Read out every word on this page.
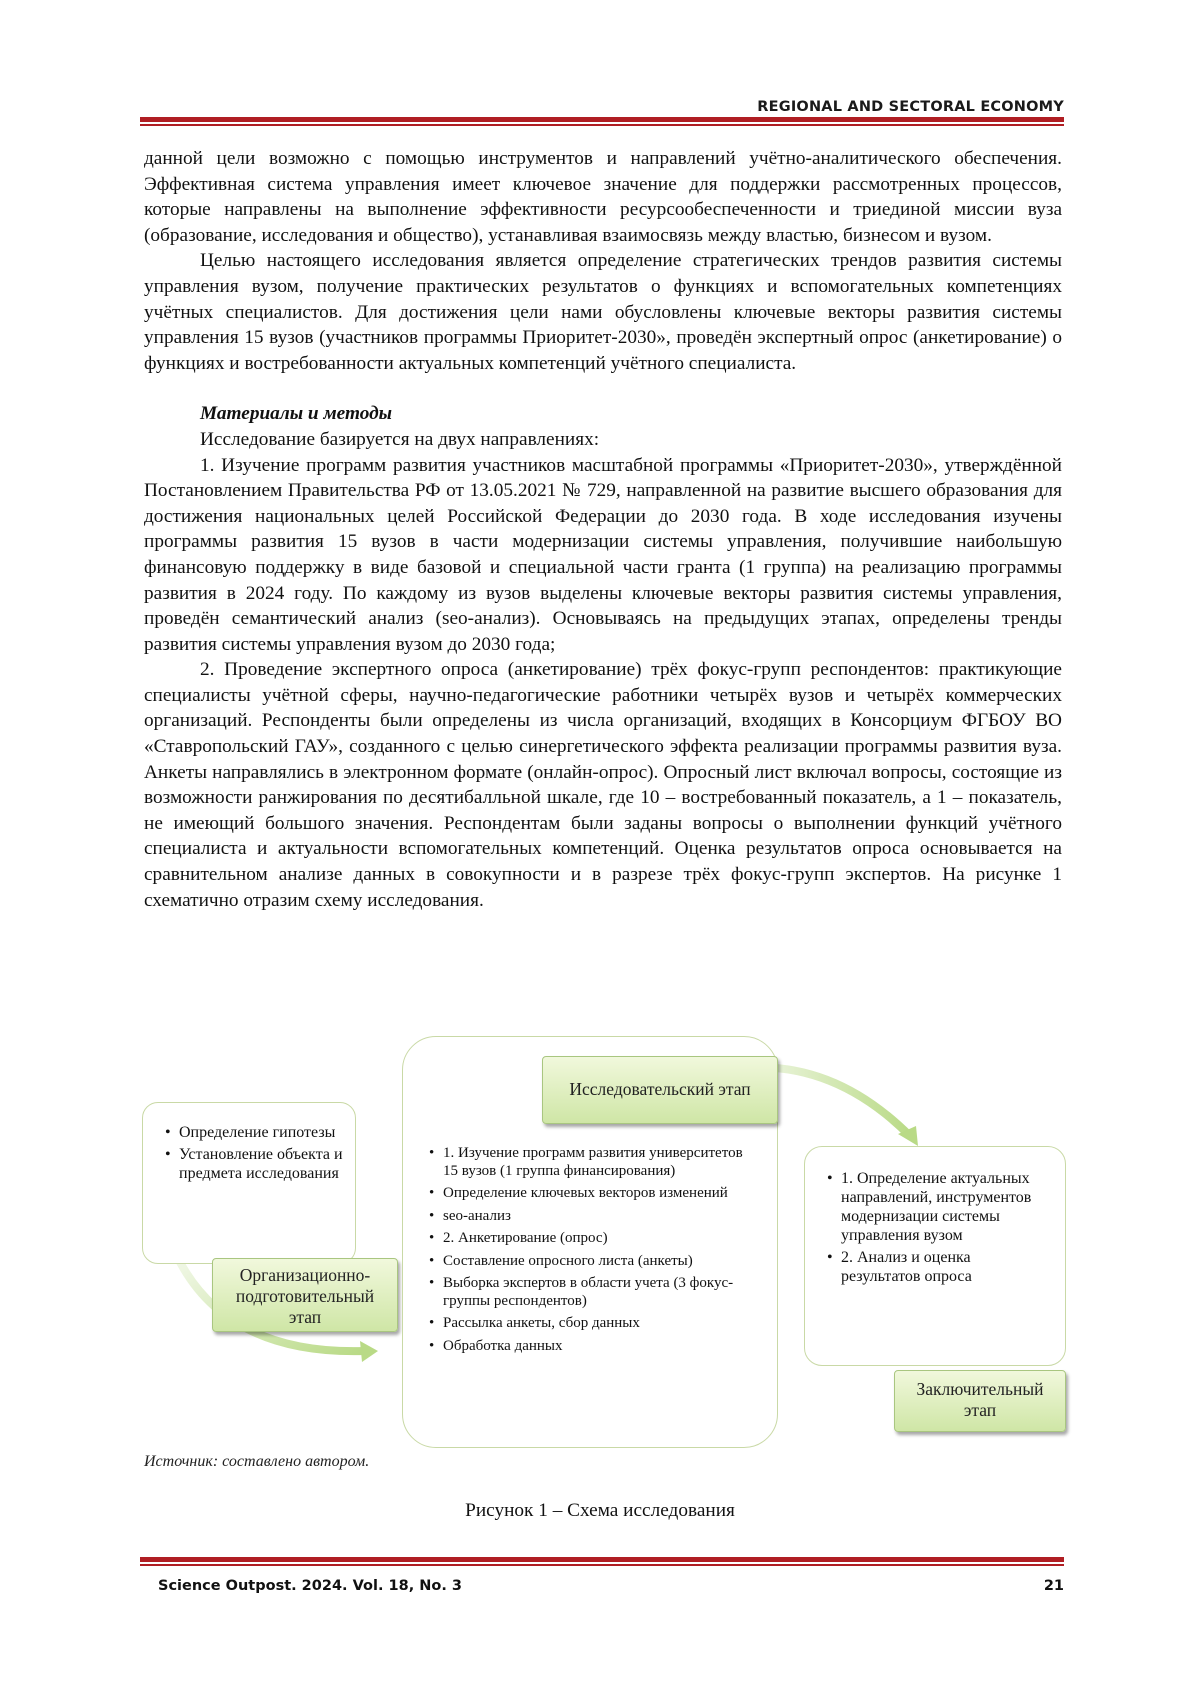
REGIONAL AND SECTORAL ECONOMY

данной цели возможно с помощью инструментов и направлений учётно-аналитического обеспечения. Эффективная система управления имеет ключевое значение для поддержки рассмотренных процессов, которые направлены на выполнение эффективности ресурсообеспеченности и триединой миссии вуза (образование, исследования и общество), устанавливая взаимосвязь между властью, бизнесом и вузом.

Целью настоящего исследования является определение стратегических трендов развития системы управления вузом, получение практических результатов о функциях и вспомогательных компетенциях учётных специалистов. Для достижения цели нами обусловлены ключевые векторы развития системы управления 15 вузов (участников программы Приоритет-2030», проведён экспертный опрос (анкетирование) о функциях и востребованности актуальных компетенций учётного специалиста.

Материалы и методы

Исследование базируется на двух направлениях:

1. Изучение программ развития участников масштабной программы «Приоритет-2030», утверждённой Постановлением Правительства РФ от 13.05.2021 № 729, направленной на развитие высшего образования для достижения национальных целей Российской Федерации до 2030 года. В ходе исследования изучены программы развития 15 вузов в части модернизации системы управления, получившие наибольшую финансовую поддержку в виде базовой и специальной части гранта (1 группа) на реализацию программы развития в 2024 году. По каждому из вузов выделены ключевые векторы развития системы управления, проведён семантический анализ (seo-анализ). Основываясь на предыдущих этапах, определены тренды развития системы управления вузом до 2030 года;

2. Проведение экспертного опроса (анкетирование) трёх фокус-групп респондентов: практикующие специалисты учётной сферы, научно-педагогические работники четырёх вузов и четырёх коммерческих организаций. Респонденты были определены из числа организаций, входящих в Консорциум ФГБОУ ВО «Ставропольский ГАУ», созданного с целью синергетического эффекта реализации программы развития вуза. Анкеты направлялись в электронном формате (онлайн-опрос). Опросный лист включал вопросы, состоящие из возможности ранжирования по десятибалльной шкале, где 10 – востребованный показатель, а 1 – показатель, не имеющий большого значения. Респондентам были заданы вопросы о выполнении функций учётного специалиста и актуальности вспомогательных компетенций. Оценка результатов опроса основывается на сравнительном анализе данных в совокупности и в разрезе трёх фокус-групп экспертов. На рисунке 1 схематично отразим схему исследования.

• Определение гипотезы
• Установление объекта и предмета исследования
Организационно-подготовительный этап
• 1. Изучение программ развития университетов 15 вузов (1 группа финансирования)
• Определение ключевых векторов изменений
• seo-анализ
• 2. Анкетирование (опрос)
• Составление опросного листа (анкеты)
• Выборка экспертов в области учета (3 фокус-группы респондентов)
• Рассылка анкеты, сбор данных
• Обработка данных
Исследовательский этап
• 1. Определение актуальных направлений, инструментов модернизации системы управления вузом
• 2. Анализ и оценка результатов опроса
Заключительный этап
Источник: составлено автором.
Рисунок 1 – Схема исследования
Science Outpost. 2024. Vol. 18, No. 3	21
